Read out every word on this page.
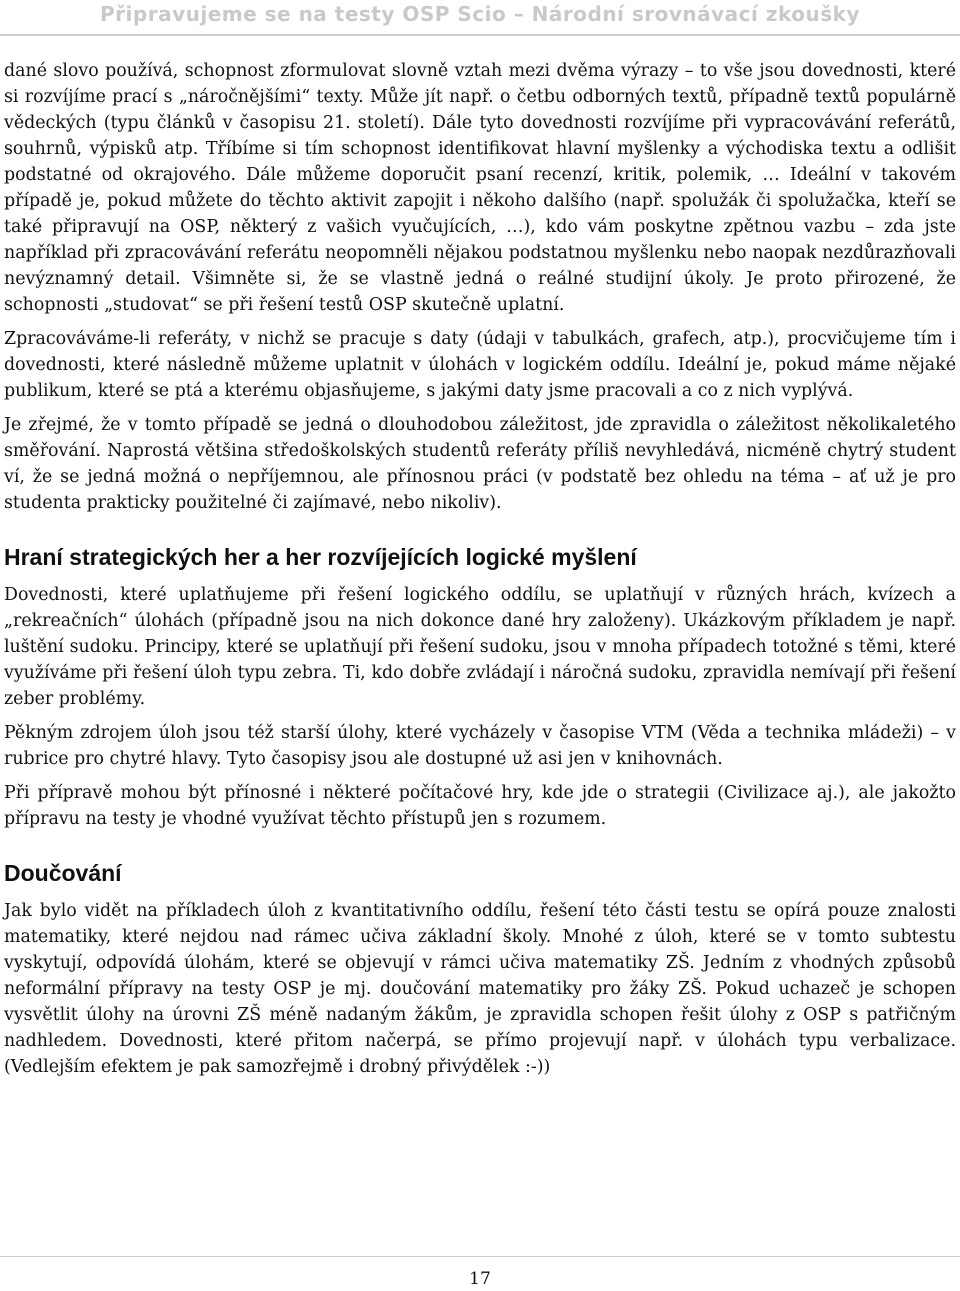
Připravujeme se na testy OSP Scio – Národní srovnávací zkoušky

dané slovo používá, schopnost zformulovat slovně vztah mezi dvěma výrazy – to vše jsou dovednosti, které si rozvíjíme prací s „náročnějšími“ texty. Může jít např. o četbu odborných textů, případně textů populárně vědeckých (typu článků v časopisu 21. století). Dále tyto dovednosti rozvíjíme při vypracovávání referátů, souhrnů, výpisků atp. Tříbíme si tím schopnost identifikovat hlavní myšlenky a východiska textu a odlišit podstatné od okrajového. Dále můžeme doporučit psaní recenzí, kritik, polemik, … Ideální v takovém případě je, pokud můžete do těchto aktivit zapojit i někoho dalšího (např. spolužák či spolužačka, kteří se také připravují na OSP, některý z vašich vyučujících, …), kdo vám poskytne zpětnou vazbu – zda jste například při zpracovávání referátu neopomněli nějakou podstatnou myšlenku nebo naopak nezdůrazňovali nevýznamný detail. Všimněte si, že se vlastně jedná o reálné studijní úkoly. Je proto přirozené, že schopnosti „studovat“ se při řešení testů OSP skutečně uplatní.

Zpracováváme-li referáty, v nichž se pracuje s daty (údaji v tabulkách, grafech, atp.), procvičujeme tím i dovednosti, které následně můžeme uplatnit v úlohách v logickém oddílu. Ideální je, pokud máme nějaké publikum, které se ptá a kterému objasňujeme, s jakými daty jsme pracovali a co z nich vyplývá.

Je zřejmé, že v tomto případě se jedná o dlouhodobou záležitost, jde zpravidla o záležitost několikaletého směřování. Naprostá většina středoškolských studentů referáty příliš nevyhledává, nicméně chytrý student ví, že se jedná možná o nepříjemnou, ale přínosnou práci (v podstatě bez ohledu na téma – ať už je pro studenta prakticky použitelné či zajímavé, nebo nikoliv).

Hraní strategických her a her rozvíjejících logické myšlení

Dovednosti, které uplatňujeme při řešení logického oddílu, se uplatňují v různých hrách, kvízech a „rekreačních“ úlohách (případně jsou na nich dokonce dané hry založeny). Ukázkovým příkladem je např. luštění sudoku. Principy, které se uplatňují při řešení sudoku, jsou v mnoha případech totožné s těmi, které využíváme při řešení úloh typu zebra. Ti, kdo dobře zvládají i náročná sudoku, zpravidla nemívají při řešení zeber problémy.

Pěkným zdrojem úloh jsou též starší úlohy, které vycházely v časopise VTM (Věda a technika mládeži) – v rubrice pro chytré hlavy. Tyto časopisy jsou ale dostupné už asi jen v knihovnách.

Při přípravě mohou být přínosné i některé počítačové hry, kde jde o strategii (Civilizace aj.), ale jakožto přípravu na testy je vhodné využívat těchto přístupů jen s rozumem.

Doučování

Jak bylo vidět na příkladech úloh z kvantitativního oddílu, řešení této části testu se opírá pouze znalosti matematiky, které nejdou nad rámec učiva základní školy. Mnohé z úloh, které se v tomto subtestu vyskytují, odpovídá úlohám, které se objevují v rámci učiva matematiky ZŠ. Jedním z vhodných způsobů neformální přípravy na testy OSP je mj. doučování matematiky pro žáky ZŠ. Pokud uchazeč je schopen vysvětlit úlohy na úrovni ZŠ méně nadaným žákům, je zpravidla schopen řešit úlohy z OSP s patřičným nadhledem. Dovednosti, které přitom načerpá, se přímo projevují např. v úlohách typu verbalizace. (Vedlejším efektem je pak samozřejmě i drobný přivýdělek :-))

17
